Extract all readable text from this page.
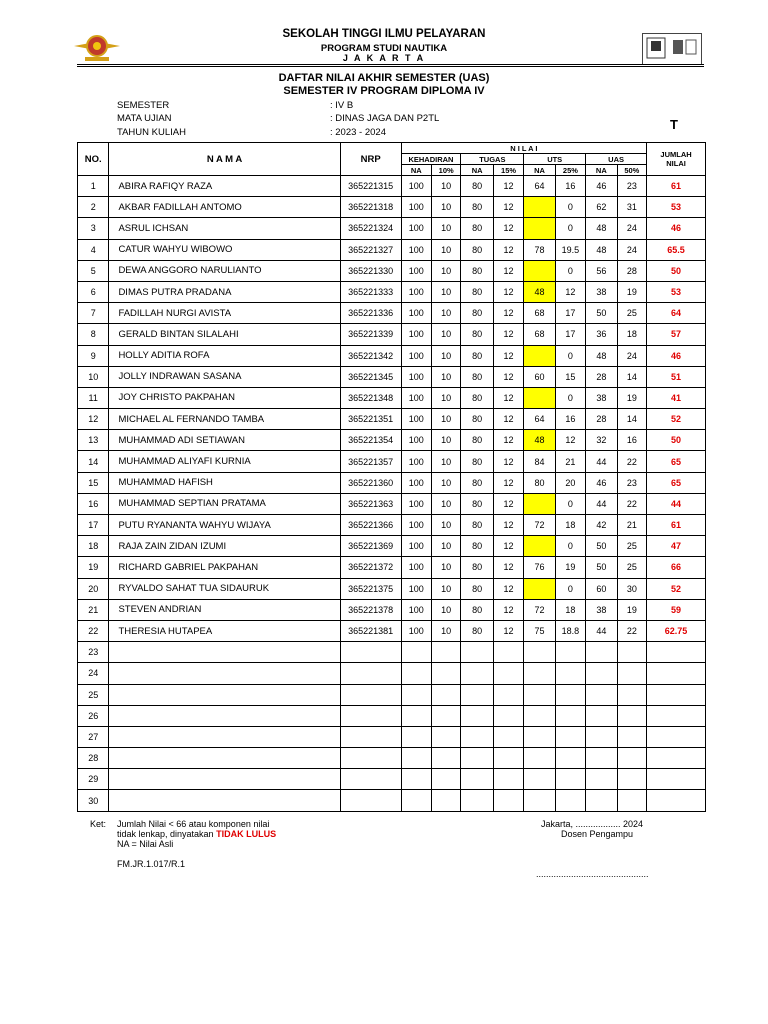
SEKOLAH TINGGI ILMU PELAYARAN
PROGRAM STUDI NAUTIKA
J A K A R T A
DAFTAR NILAI AKHIR SEMESTER (UAS)
SEMESTER IV PROGRAM DIPLOMA IV
SEMESTER	: IV B
MATA UJIAN	: DINAS JAGA DAN P2TL
TAHUN KULIAH	: 2023 - 2024
T
NO.	N A M A	NRP	N I L A I								JUMLAH
NILAI
			KEHADIRAN		TUGAS		UTS		UAS		
			NA	10%	NA	15%	NA	25%	NA	50%	
1	ABIRA RAFIQY RAZA	365221315	100	10	80	12	64	16	46	23	61
2	AKBAR FADILLAH ANTOMO	365221318	100	10	80	12		0	62	31	53
3	ASRUL ICHSAN	365221324	100	10	80	12		0	48	24	46
4	CATUR WAHYU WIBOWO	365221327	100	10	80	12	78	19.5	48	24	65.5
5	DEWA ANGGORO NARULIANTO	365221330	100	10	80	12		0	56	28	50
6	DIMAS PUTRA PRADANA	365221333	100	10	80	12	48	12	38	19	53
7	FADILLAH NURGI AVISTA	365221336	100	10	80	12	68	17	50	25	64
8	GERALD BINTAN SILALAHI	365221339	100	10	80	12	68	17	36	18	57
9	HOLLY ADITIA ROFA	365221342	100	10	80	12		0	48	24	46
10	JOLLY INDRAWAN SASANA	365221345	100	10	80	12	60	15	28	14	51
11	JOY CHRISTO PAKPAHAN	365221348	100	10	80	12		0	38	19	41
12	MICHAEL AL FERNANDO TAMBA	365221351	100	10	80	12	64	16	28	14	52
13	MUHAMMAD ADI SETIAWAN	365221354	100	10	80	12	48	12	32	16	50
14	MUHAMMAD ALIYAFI KURNIA	365221357	100	10	80	12	84	21	44	22	65
15	MUHAMMAD HAFISH	365221360	100	10	80	12	80	20	46	23	65
16	MUHAMMAD SEPTIAN PRATAMA	365221363	100	10	80	12		0	44	22	44
17	PUTU RYANANTA WAHYU WIJAYA	365221366	100	10	80	12	72	18	42	21	61
18	RAJA ZAIN ZIDAN IZUMI	365221369	100	10	80	12		0	50	25	47
19	RICHARD GABRIEL PAKPAHAN	365221372	100	10	80	12	76	19	50	25	66
20	RYVALDO SAHAT TUA SIDAURUK	365221375	100	10	80	12		0	60	30	52
21	STEVEN ANDRIAN	365221378	100	10	80	12	72	18	38	19	59
22	THERESIA HUTAPEA	365221381	100	10	80	12	75	18.8	44	22	62.75
23											
24											
25											
26											
27											
28											
29											
30											
Ket: Jumlah Nilai < 66 atau komponen nilai
tidak lenkap, dinyatakan TIDAK LULUS
NA = Nilai Asli
FM.JR.1.017/R.1
Jakarta, .................. 2024
Dosen Pengampu
.............................................
